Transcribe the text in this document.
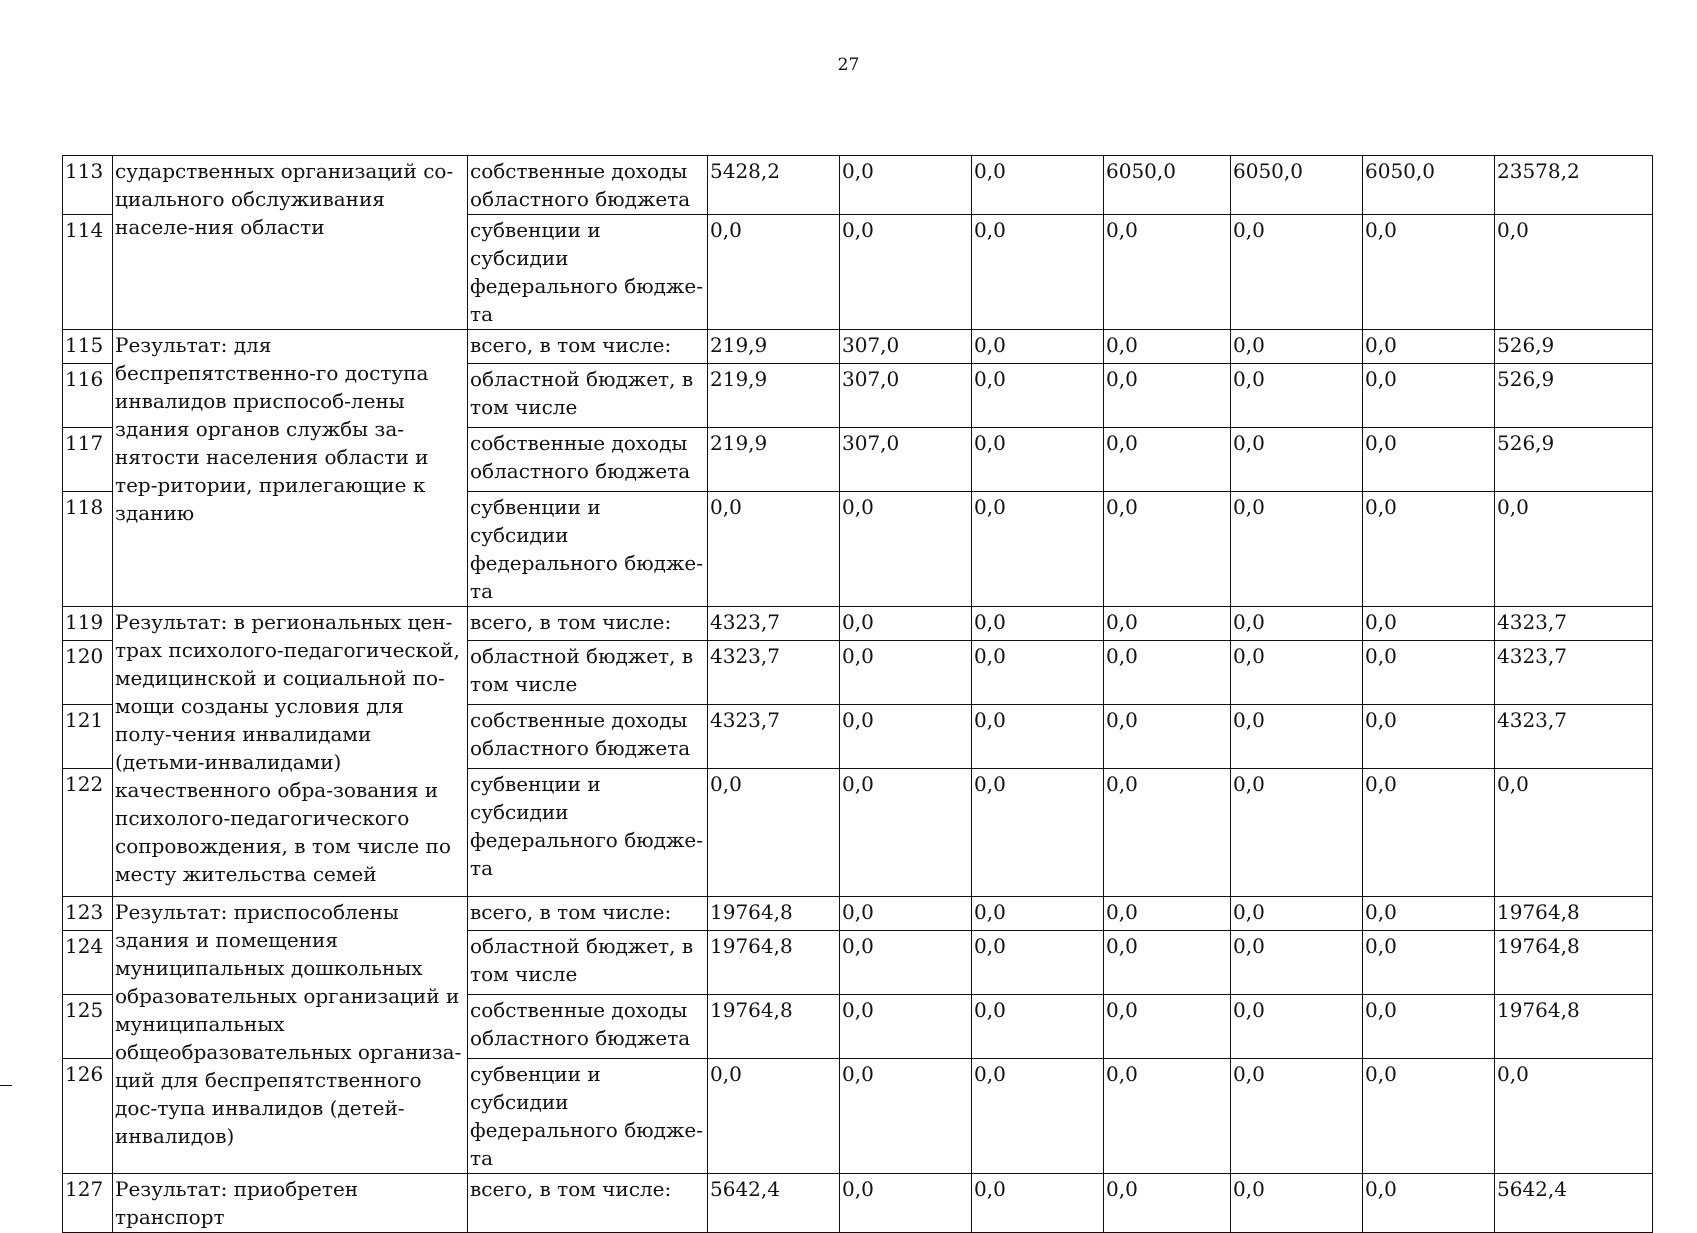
27
113	сударственных организаций со-циального обслуживания населе-ния области	собственные доходы областного бюджета	5428,2	0,0	0,0	6050,0	6050,0	6050,0	23578,2
114		субвенции и субсидии федерального бюдже-та	0,0	0,0	0,0	0,0	0,0	0,0	0,0
115	Результат: для беспрепятственно-го доступа инвалидов приспособ-лены здания органов службы за-нятости населения области и тер-ритории, прилегающие к зданию	всего, в том числе:	219,9	307,0	0,0	0,0	0,0	0,0	526,9
116		областной бюджет, в том числе	219,9	307,0	0,0	0,0	0,0	0,0	526,9
117		собственные доходы областного бюджета	219,9	307,0	0,0	0,0	0,0	0,0	526,9
118		субвенции и субсидии федерального бюдже-та	0,0	0,0	0,0	0,0	0,0	0,0	0,0
119	Результат: в региональных цен-трах психолого-педагогической, медицинской и социальной по-мощи созданы условия для полу-чения инвалидами (детьми-инвалидами) качественного обра-зования и психолого-педагогического сопровождения, в том числе по месту жительства семей	всего, в том числе:	4323,7	0,0	0,0	0,0	0,0	0,0	4323,7
120		областной бюджет, в том числе	4323,7	0,0	0,0	0,0	0,0	0,0	4323,7
121		собственные доходы областного бюджета	4323,7	0,0	0,0	0,0	0,0	0,0	4323,7
122		субвенции и субсидии федерального бюдже-та	0,0	0,0	0,0	0,0	0,0	0,0	0,0
123	Результат: приспособлены здания и помещения муниципальных дошкольных образовательных организаций и муниципальных общеобразовательных организа-ций для беспрепятственного дос-тупа инвалидов (детей-инвалидов)	всего, в том числе:	19764,8	0,0	0,0	0,0	0,0	0,0	19764,8
124		областной бюджет, в том числе	19764,8	0,0	0,0	0,0	0,0	0,0	19764,8
125		собственные доходы областного бюджета	19764,8	0,0	0,0	0,0	0,0	0,0	19764,8
126		субвенции и субсидии федерального бюдже-та	0,0	0,0	0,0	0,0	0,0	0,0	0,0
127	Результат: приобретен транспорт	всего, в том числе:	5642,4	0,0	0,0	0,0	0,0	0,0	5642,4
